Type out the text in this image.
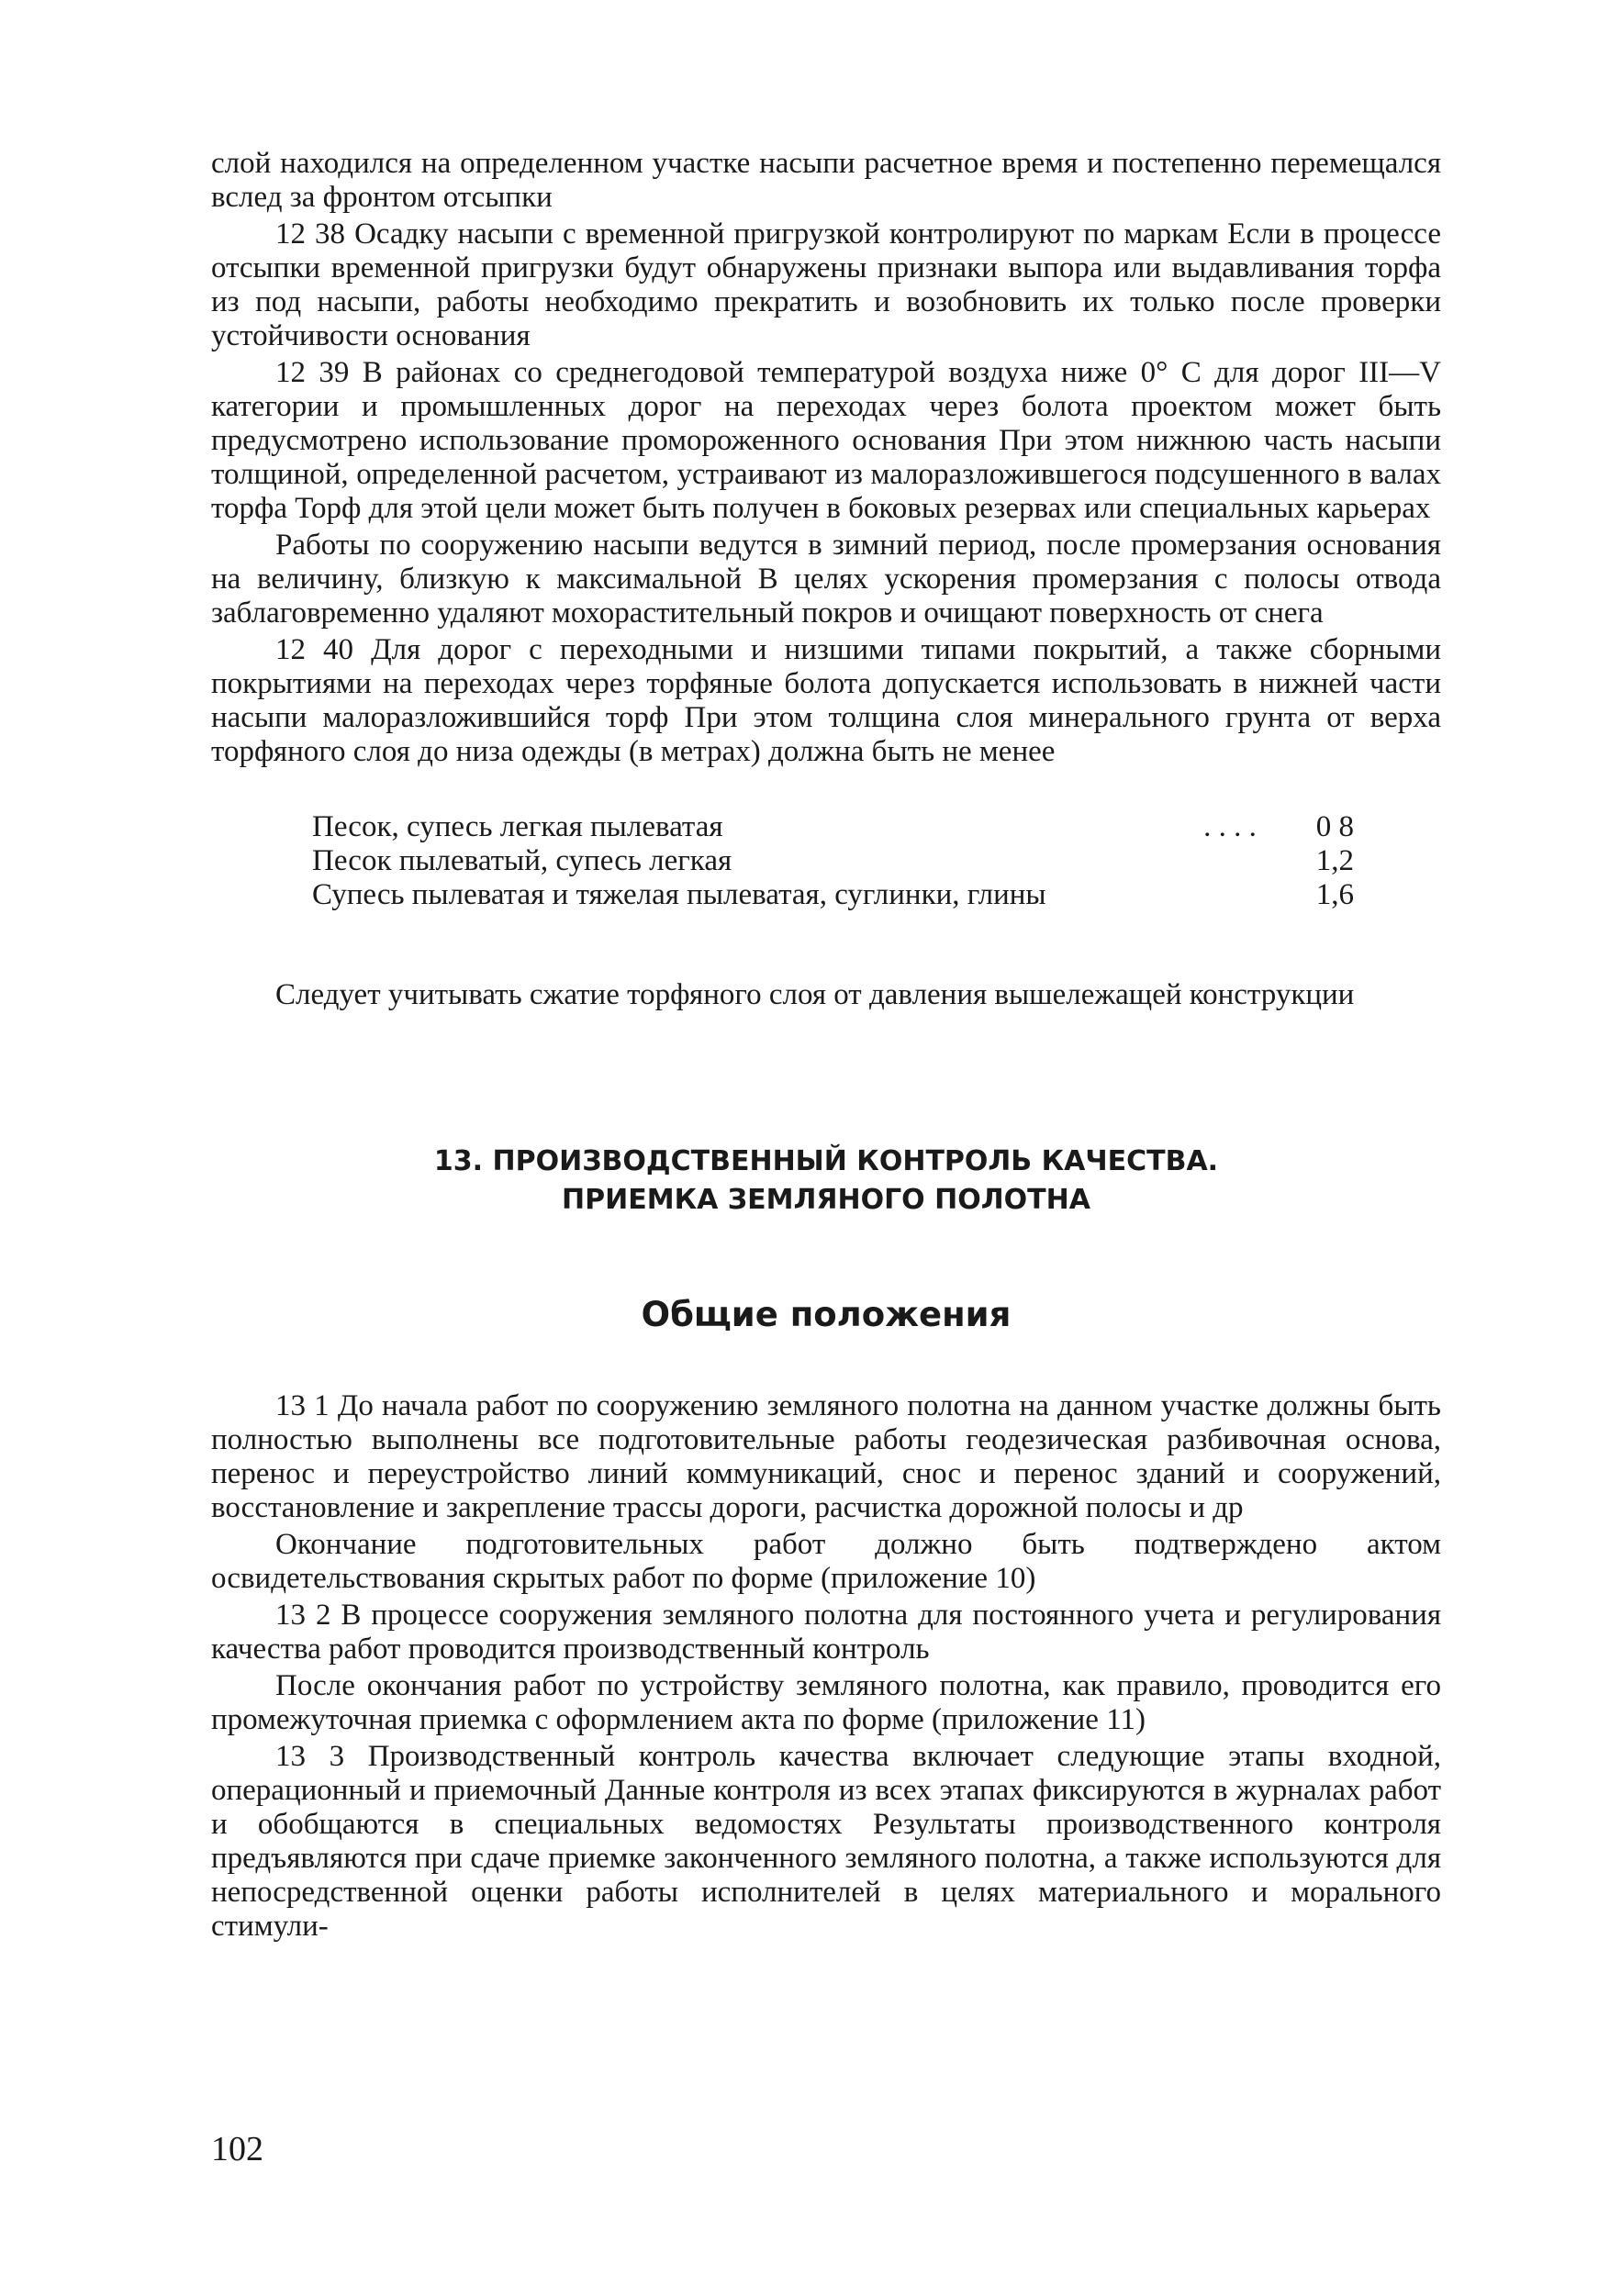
слой находился на определенном участке насыпи расчетное время и постепенно перемещался вслед за фронтом отсыпки

12 38 Осадку насыпи с временной пригрузкой контролируют по маркам Если в процессе отсыпки временной пригрузки будут обнаружены признаки выпора или выдавливания торфа из под насыпи, работы необходимо прекратить и возобновить их только после проверки устойчивости основания

12 39 В районах со среднегодовой температурой воздуха ниже 0° С для дорог III—V категории и промышленных дорог на переходах через болота проектом может быть предусмотрено использование промороженного основания При этом нижнюю часть насыпи толщиной, определенной расчетом, устраивают из малоразложившегося подсушенного в валах торфа Торф для этой цели может быть получен в боковых резервах или специальных карьерах

Работы по сооружению насыпи ведутся в зимний период, после промерзания основания на величину, близкую к максимальной В целях ускорения промерзания с полосы отвода заблаговременно удаляют мохорастительный покров и очищают поверхность от снега

12 40 Для дорог с переходными и низшими типами покрытий, а также сборными покрытиями на переходах через торфяные болота допускается использовать в нижней части насыпи малоразложившийся торф При этом толщина слоя минерального грунта от верха торфяного слоя до низа одежды (в метрах) должна быть не менее

Песок, супесь легкая пылеватая	. . . .	0 8
Песок пылеватый, супесь легкая	1,2
Супесь пылеватая и тяжелая пылеватая, суглинки, глины	1,6

Следует учитывать сжатие торфяного слоя от давления вышележащей конструкции

13. ПРОИЗВОДСТВЕННЫЙ КОНТРОЛЬ КАЧЕСТВА.
ПРИЕМКА ЗЕМЛЯНОГО ПОЛОТНА
Общие положения

13 1 До начала работ по сооружению земляного полотна на данном участке должны быть полностью выполнены все подготовительные работы геодезическая разбивочная основа, перенос и переустройство линий коммуникаций, снос и перенос зданий и сооружений, восстановление и закрепление трассы дороги, расчистка дорожной полосы и др

Окончание подготовительных работ должно быть подтверждено актом освидетельствования скрытых работ по форме (приложение 10)

13 2 В процессе сооружения земляного полотна для постоянного учета и регулирования качества работ проводится производственный контроль

После окончания работ по устройству земляного полотна, как правило, проводится его промежуточная приемка с оформлением акта по форме (приложение 11)

13 3 Производственный контроль качества включает следующие этапы входной, операционный и приемочный Данные контроля из всех этапах фиксируются в журналах работ и обобщаются в специальных ведомостях Результаты производственного контроля предъявляются при сдаче приемке законченного земляного полотна, а также используются для непосредственной оценки работы исполнителей в целях материального и морального стимули-

102
